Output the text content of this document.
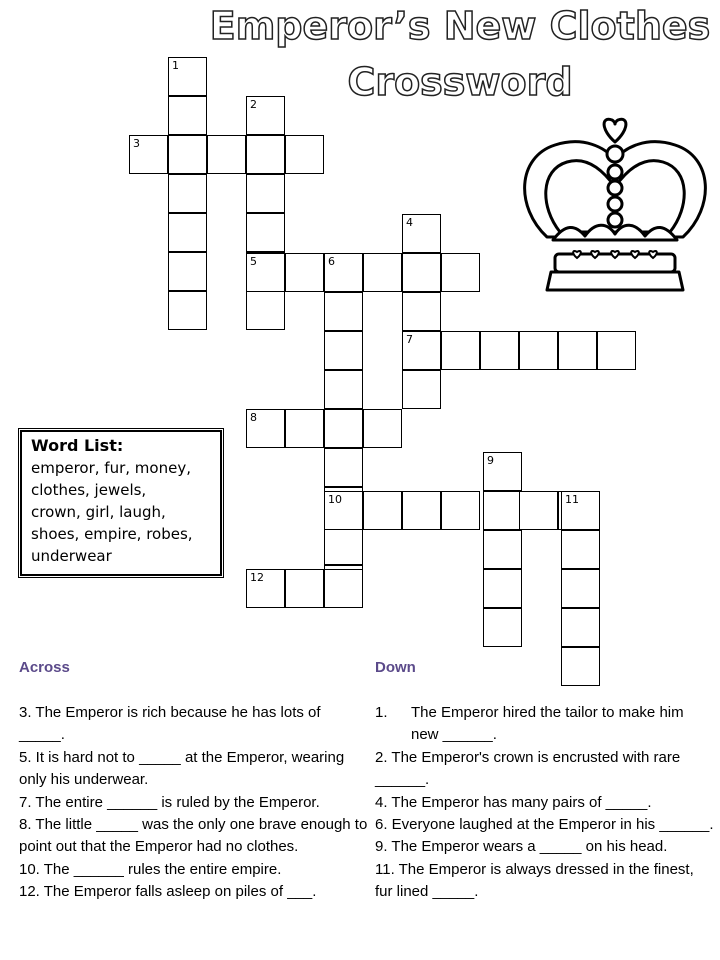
Emperor’s New Clothes
Crossword
1
2
3
4
7
5	6
8
9
10	11
12
Word List:
emperor, fur, money,
clothes, jewels,
crown, girl, laugh,
shoes, empire, robes,
underwear
Across	Down

3. The Emperor is rich because he has lots of _____.

5. It is hard not to _____ at the Emperor, wearing only his underwear.

7. The entire ______ is ruled by the Emperor.

8. The little _____ was the only one brave enough to point out that the Emperor had no clothes.

10. The ______ rules the entire empire.

12. The Emperor falls asleep on piles of ___.

1.	The Emperor hired the tailor to make him new ______.

2. The Emperor's crown is encrusted with rare ______.

4. The Emperor has many pairs of _____.

6. Everyone laughed at the Emperor in his ______.

9. The Emperor wears a _____ on his head.

11. The Emperor is always dressed in the finest, fur lined _____.
